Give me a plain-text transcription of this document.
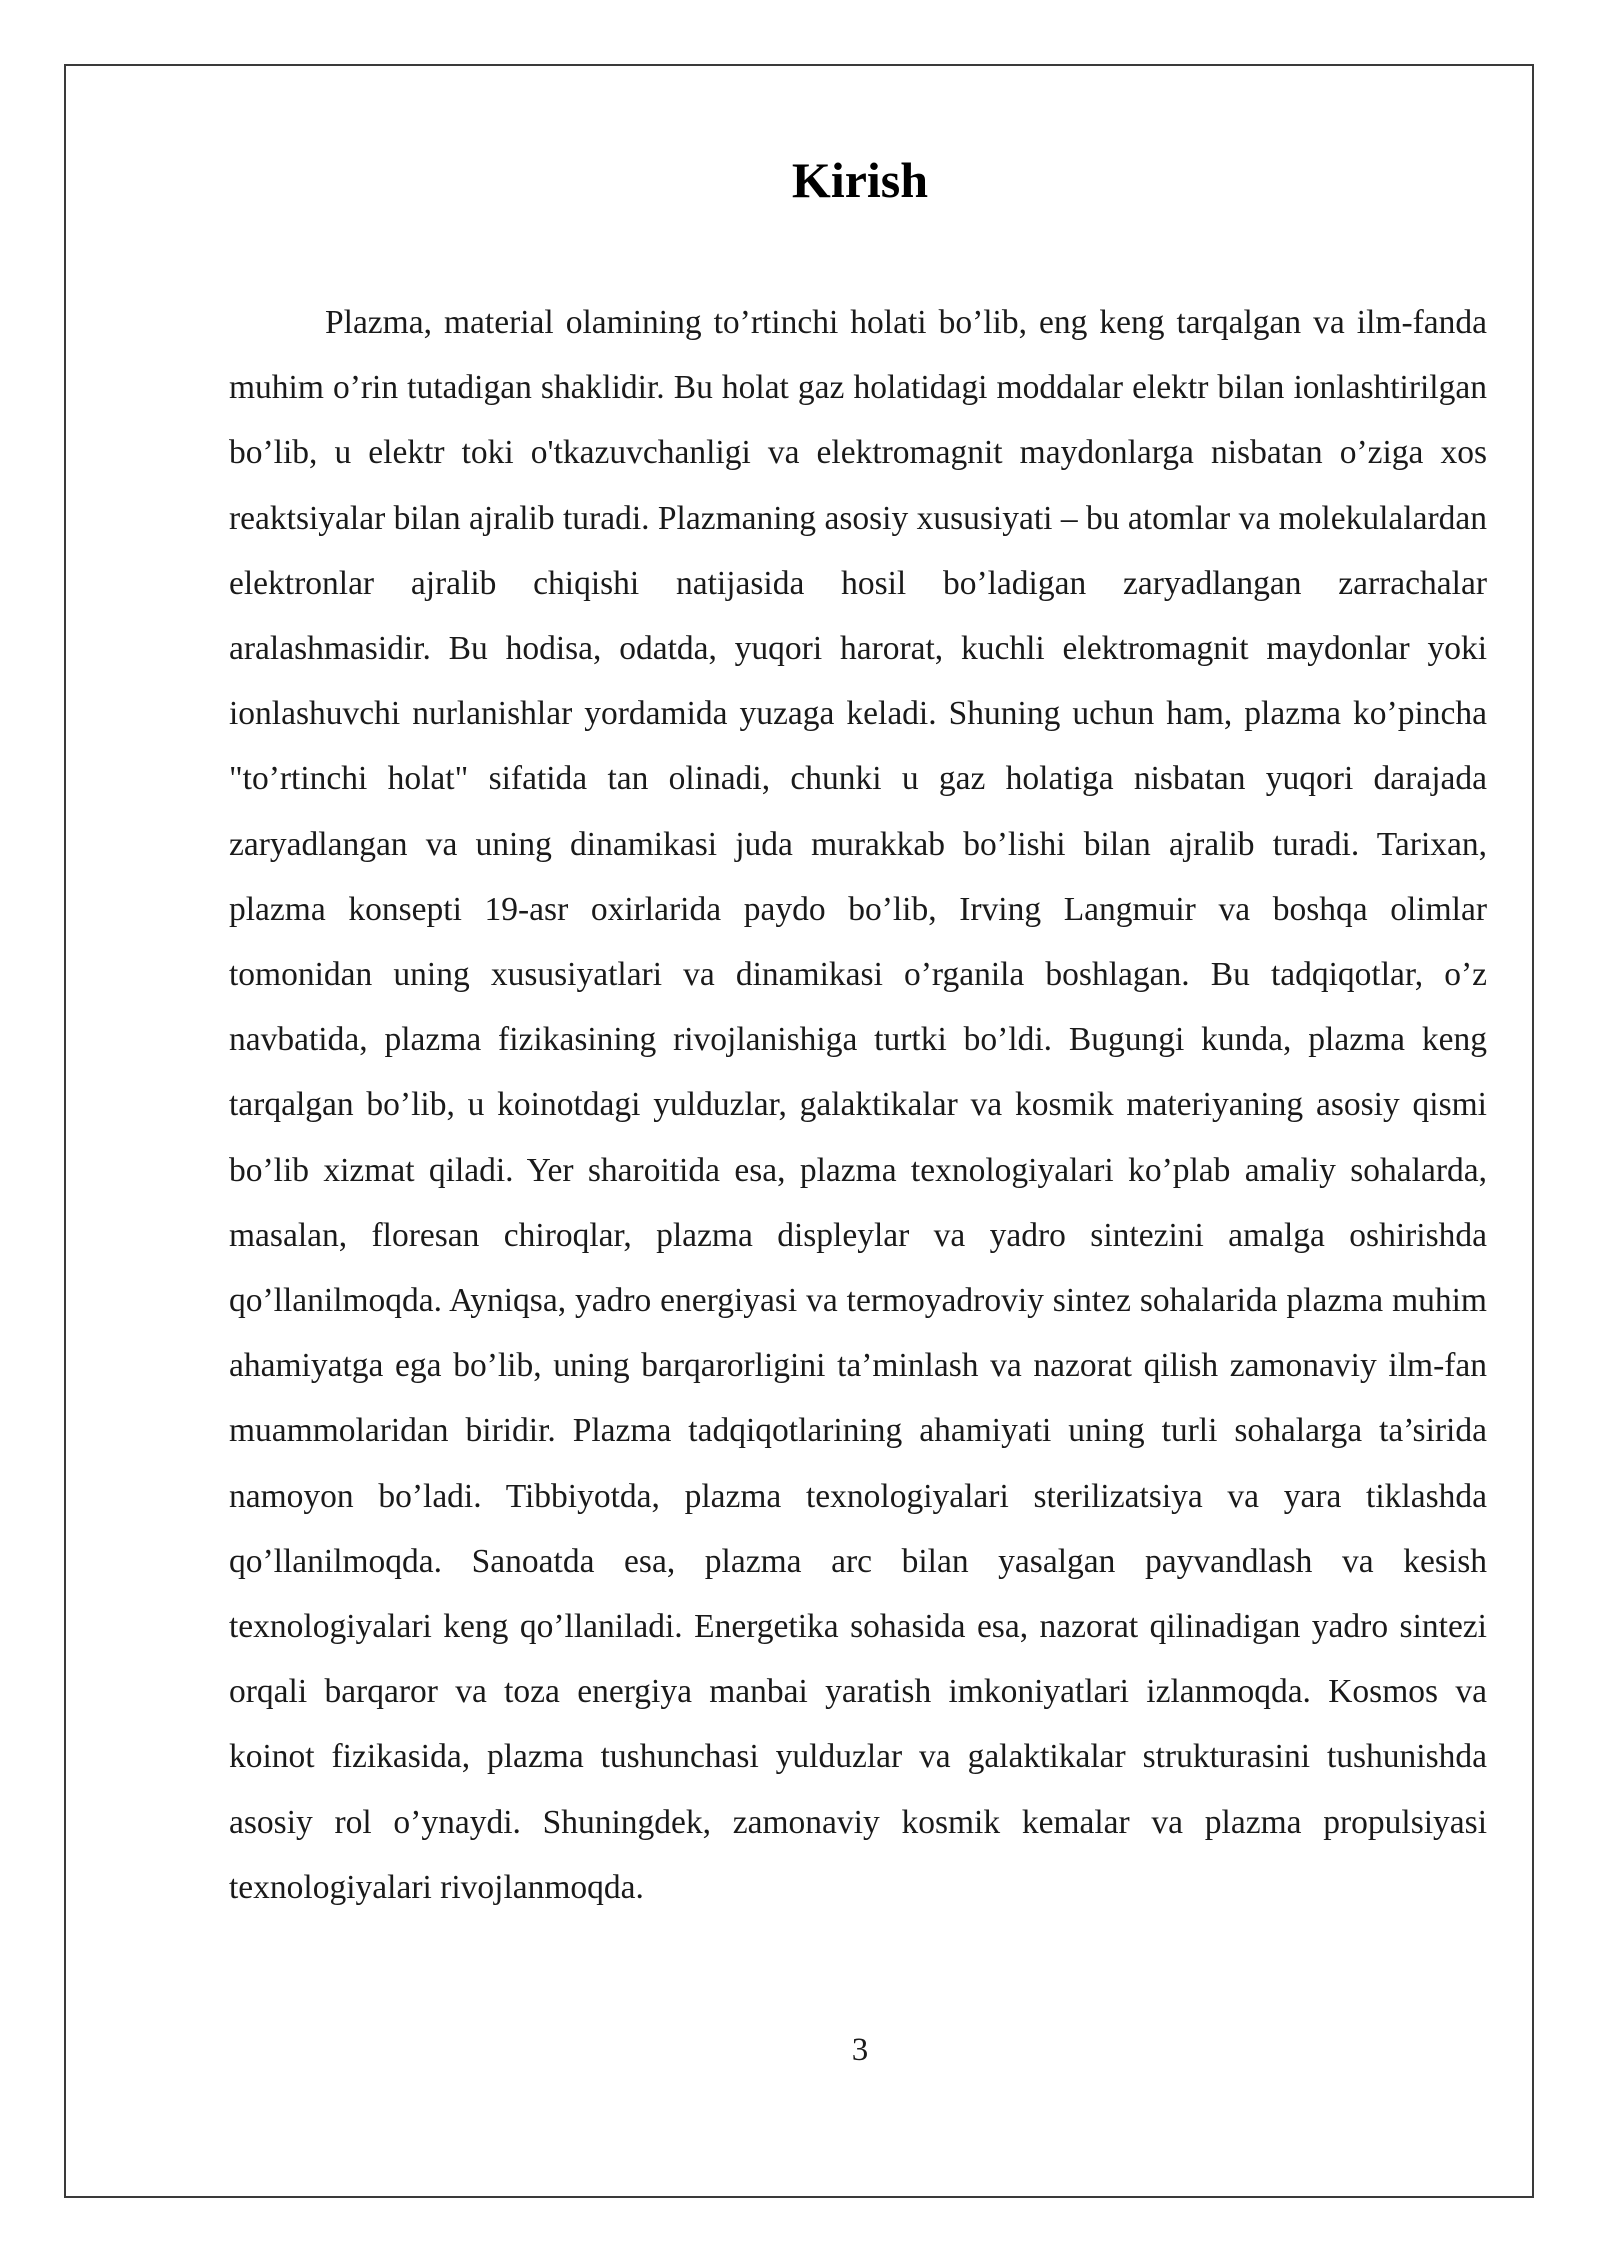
Kirish

Plazma, material olamining to’rtinchi holati bo’lib, eng keng tarqalgan va ilm-fanda muhim o’rin tutadigan shaklidir. Bu holat gaz holatidagi moddalar elektr bilan ionlashtirilgan bo’lib, u elektr toki o'tkazuvchanligi va elektromagnit maydonlarga nisbatan o’ziga xos reaktsiyalar bilan ajralib turadi. Plazmaning asosiy xususiyati – bu atomlar va molekulalardan elektronlar ajralib chiqishi natijasida hosil bo’ladigan zaryadlangan zarrachalar aralashmasidir. Bu hodisa, odatda, yuqori harorat, kuchli elektromagnit maydonlar yoki ionlashuvchi nurlanishlar yordamida yuzaga keladi. Shuning uchun ham, plazma ko’pincha "to’rtinchi holat" sifatida tan olinadi, chunki u gaz holatiga nisbatan yuqori darajada zaryadlangan va uning dinamikasi juda murakkab bo’lishi bilan ajralib turadi. Tarixan, plazma konsepti 19-asr oxirlarida paydo bo’lib, Irving Langmuir va boshqa olimlar tomonidan uning xususiyatlari va dinamikasi o’rganila boshlagan. Bu tadqiqotlar, o’z navbatida, plazma fizikasining rivojlanishiga turtki bo’ldi. Bugungi kunda, plazma keng tarqalgan bo’lib, u koinotdagi yulduzlar, galaktikalar va kosmik materiyaning asosiy qismi bo’lib xizmat qiladi. Yer sharoitida esa, plazma texnologiyalari ko’plab amaliy sohalarda, masalan, floresan chiroqlar, plazma displeylar va yadro sintezini amalga oshirishda qo’llanilmoqda. Ayniqsa, yadro energiyasi va termoyadroviy sintez sohalarida plazma muhim ahamiyatga ega bo’lib, uning barqarorligini ta’minlash va nazorat qilish zamonaviy ilm-fan muammolaridan biridir. Plazma tadqiqotlarining ahamiyati uning turli sohalarga ta’sirida namoyon bo’ladi. Tibbiyotda, plazma texnologiyalari sterilizatsiya va yara tiklashda qo’llanilmoqda. Sanoatda esa, plazma arc bilan yasalgan payvandlash va kesish texnologiyalari keng qo’llaniladi. Energetika sohasida esa, nazorat qilinadigan yadro sintezi orqali barqaror va toza energiya manbai yaratish imkoniyatlari izlanmoqda. Kosmos va koinot fizikasida, plazma tushunchasi yulduzlar va galaktikalar strukturasini tushunishda asosiy rol o’ynaydi. Shuningdek, zamonaviy kosmik kemalar va plazma propulsiyasi texnologiyalari rivojlanmoqda.

3
